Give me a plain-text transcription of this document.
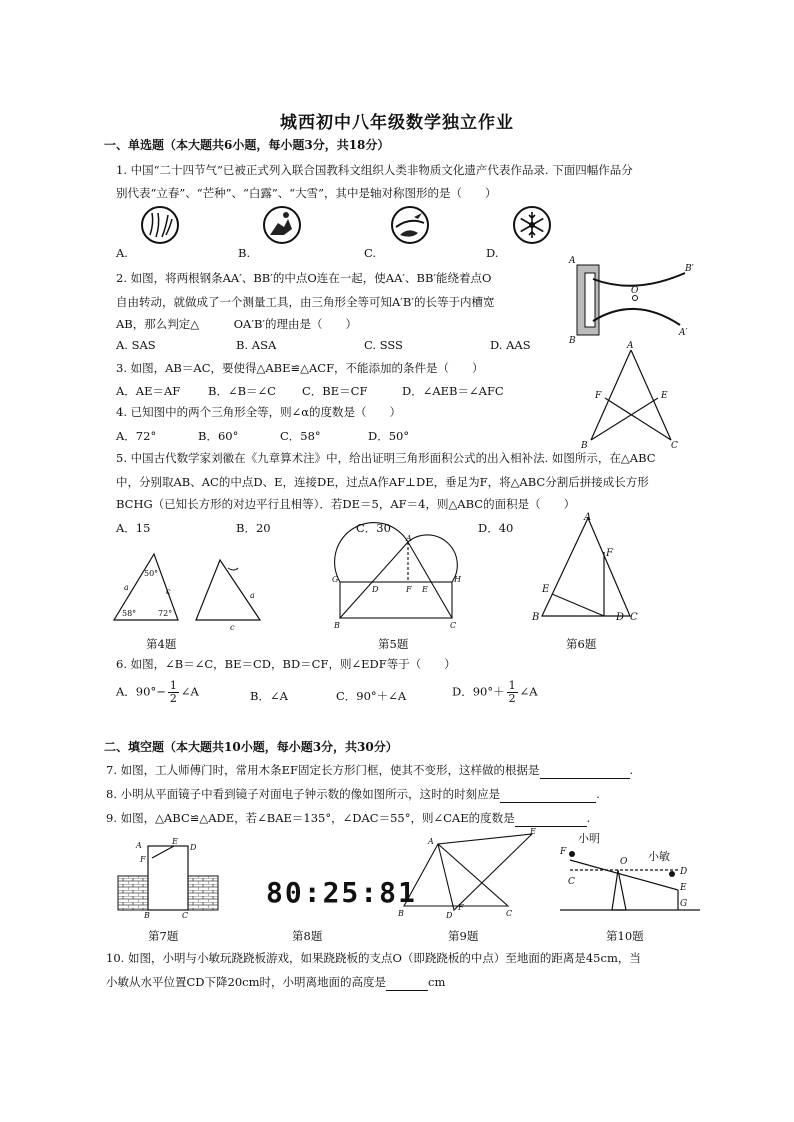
城西初中八年级数学独立作业
一、单选题（本大题共6小题，每小题3分，共18分）
1. 中国“二十四节气”已被正式列入联合国教科文组织人类非物质文化遗产代表作品录. 下面四幅作品分
别代表“立春”、“芒种”、“白露”、“大雪”，其中是轴对称图形的是（　　）
A.	B.	C.	D.
2. 如图，将两根钢条AA′、BB′的中点O连在一起，使AA′、BB′能绕着点O
自由转动，就做成了一个测量工具，由三角形全等可知A′B′的长等于内槽宽
AB，那么判定△　　　OA′B′的理由是（　　）
A. SAS	B. ASA	C. SSS	D. AAS
A
B
O
B′
A′
3. 如图，AB＝AC，要使得△ABE≌△ACF，不能添加的条件是（　　）
A．AE＝AF B．∠B＝∠C C．BE＝CF	D．∠AEB＝∠AFC
A
F	E
B	C
4. 已知图中的两个三角形全等，则∠α的度数是（　　）
A．72°	B．60°	C．58°	D．50°
5. 中国古代数学家刘徽在《九章算术注》中，给出证明三角形面积公式的出入相补法. 如图所示，在△ABC
中，分别取AB、AC的中点D、E，连接DE，过点A作AF⊥DE，垂足为F，将△ABC分割后拼接成长方形
BCHG（已知长方形的对边平行且相等）．若DE＝5，AF＝4，则△ABC的面积是（　　）
A．15	B．20	C．30	D．40
50°
58°	72°
a	c	a
c
第4题
A
G	H
D	F E
B	C
第5题
A
F
E
B	D C
第6题
6. 如图，∠B＝∠C，BE＝CD，BD＝CF，则∠EDF等于（　　）
A．$90^\circ- \frac{1}{2}$ ∠A	B．∠A	C．90°＋∠A	D．$90^\circ+ \frac{1}{2}$ ∠A
二、填空题（本大题共10小题，每小题3分，共30分）
7. 如图，工人师傅门时，常用木条EF固定长方形门框，使其不变形，这样做的根据是	.
8. 小明从平面镜子中看到镜子对面电子钟示数的像如图所示，这时的时刻应是	.
9. 如图，△ABC≌△ADE，若∠BAE＝135°，∠DAC＝55°，则∠CAE的度数是	.
A	E
D
F
B	C
第7题
80:25:81
第8题
A
E
B	D
F
C
第9题
小明
小敏
F
O
C
D
E
G
第10题
10. 如图，小明与小敏玩跷跷板游戏，如果跷跷板的支点O（即跷跷板的中点）至地面的距离是45cm，当
小敏从水平位置CD下降20cm时，小明离地面的高度是	cm
